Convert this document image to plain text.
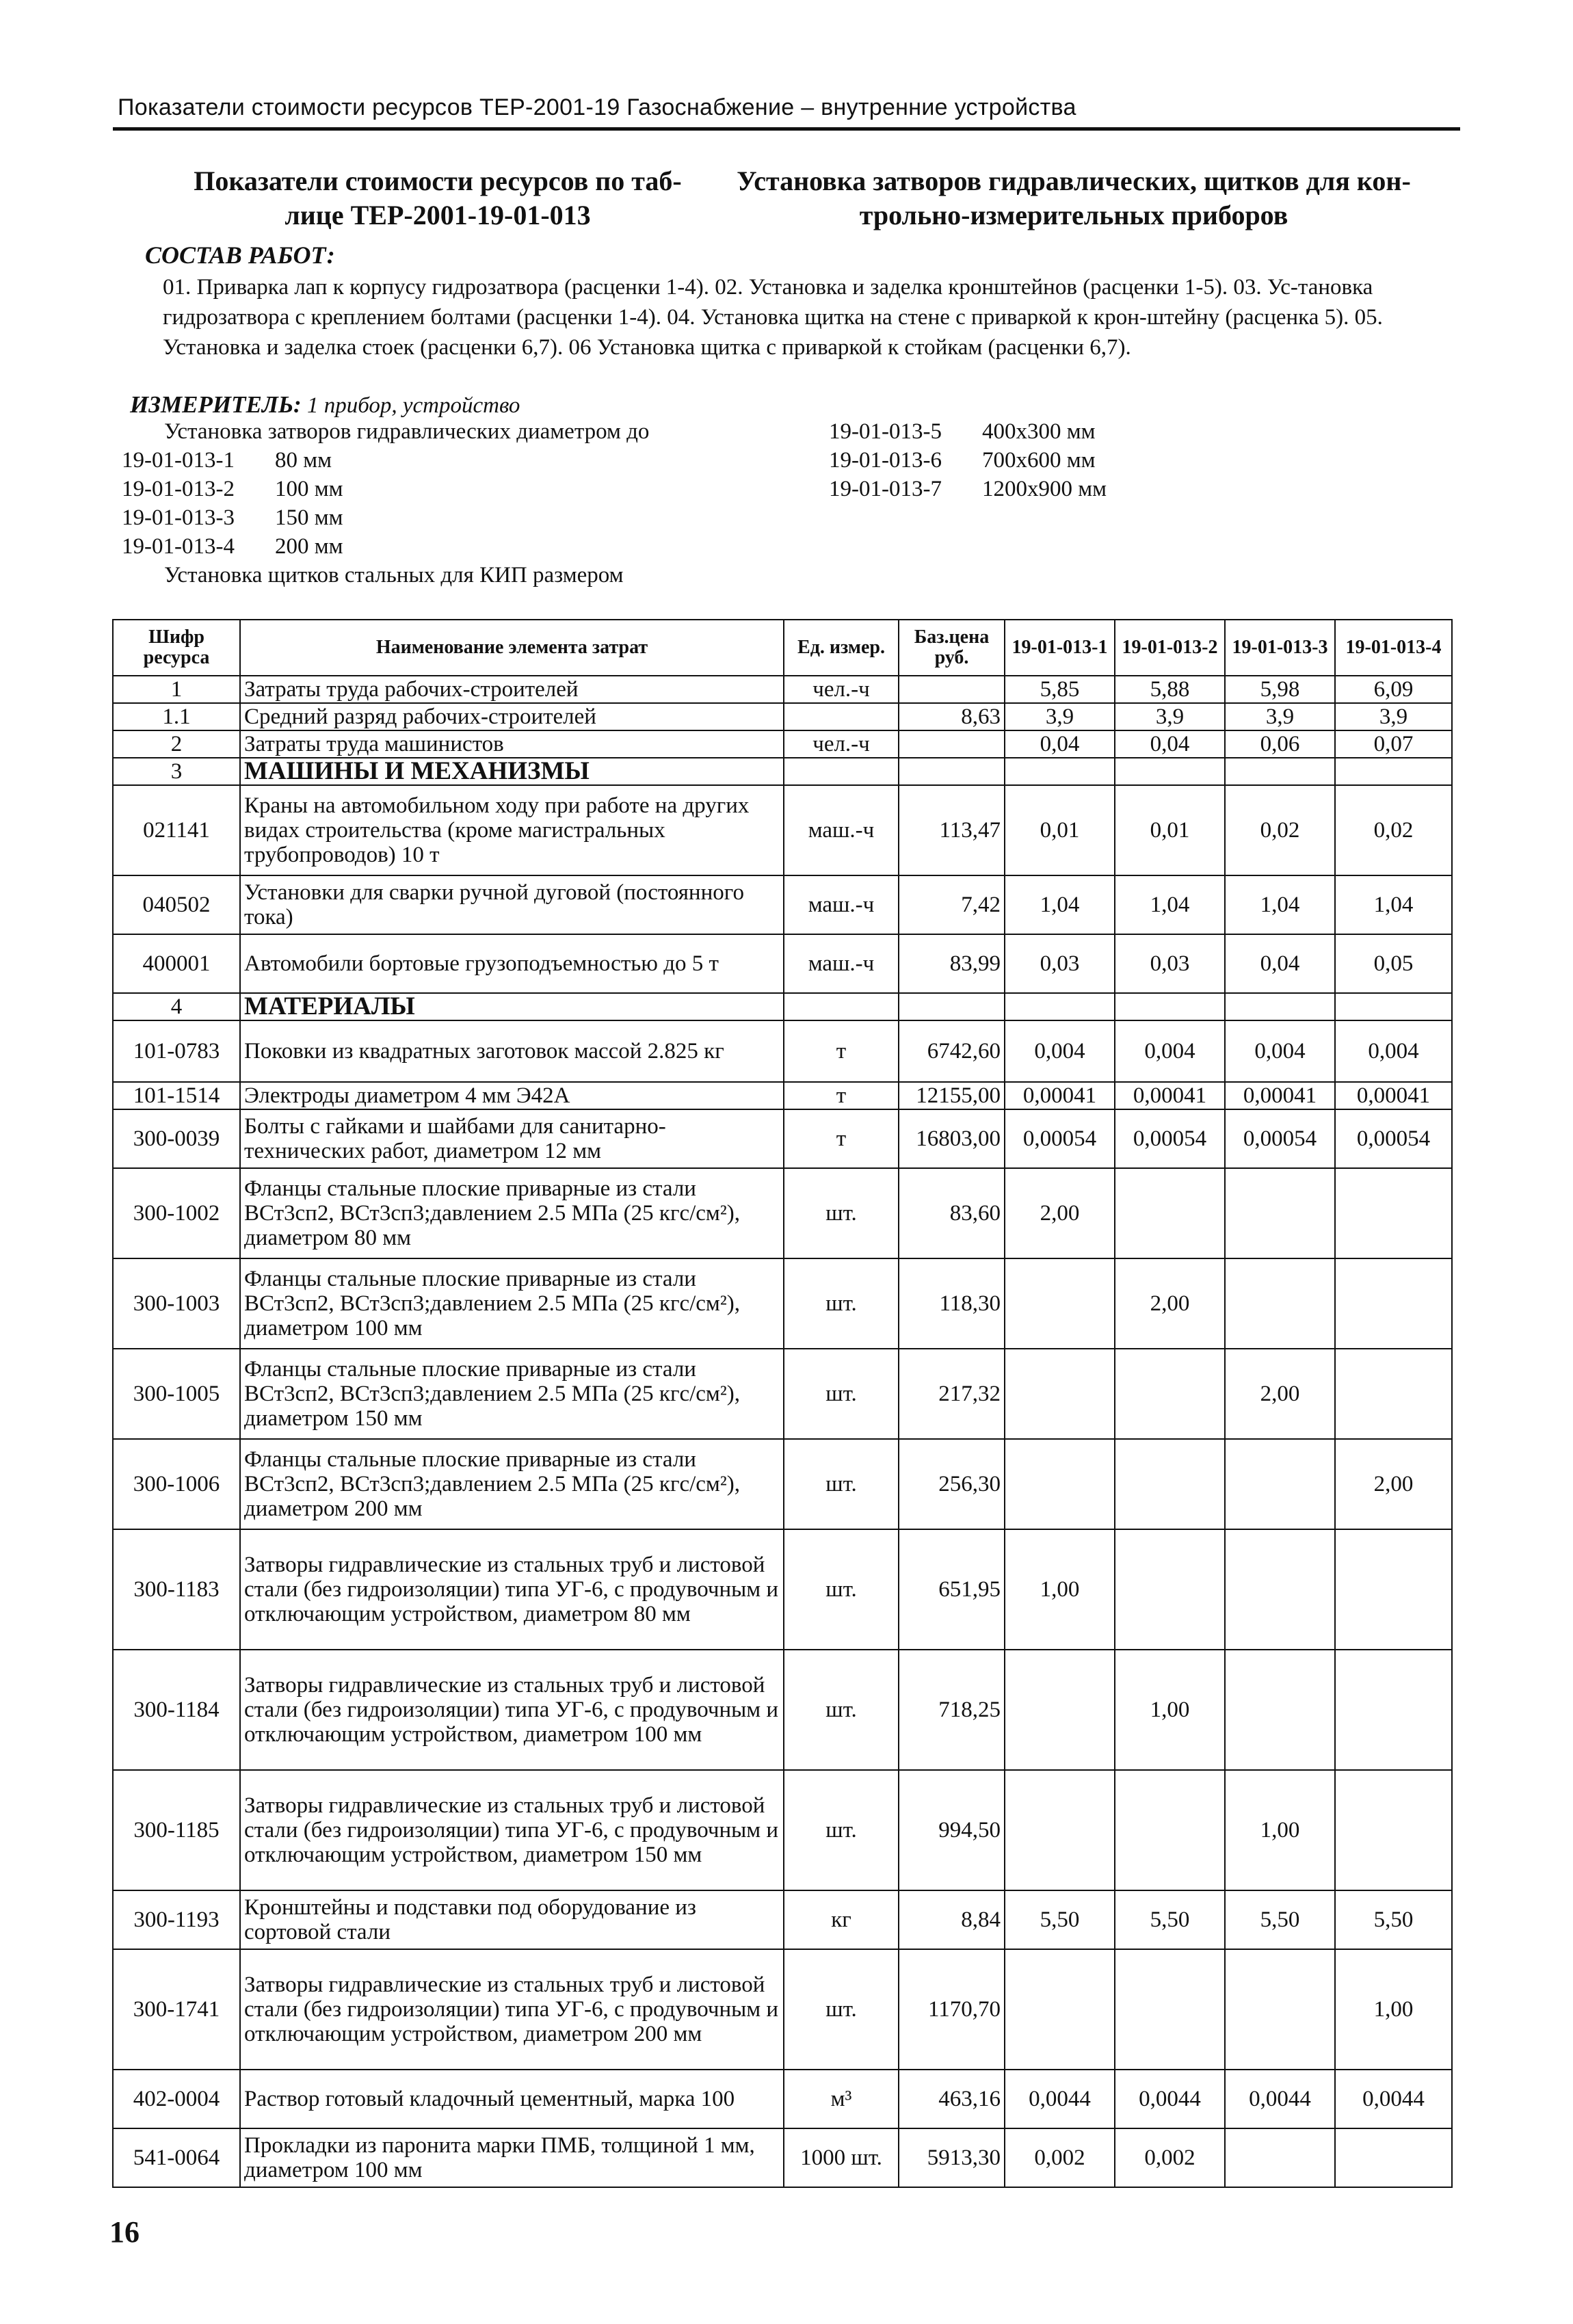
Показатели стоимости ресурсов ТЕР-2001-19 Газоснабжение – внутренние устройства
Показатели стоимости ресурсов по таб-
лице ТЕР-2001-19-01-013
Установка затворов гидравлических, щитков для кон-
трольно-измерительных приборов
СОСТАВ РАБОТ:
01. Приварка лап к корпусу гидрозатвора (расценки 1-4). 02. Установка и заделка кронштейнов (расценки 1-5). 03. Ус-тановка гидрозатвора с креплением болтами (расценки 1-4). 04. Установка щитка на стене с приваркой к крон-штейну (расценка 5). 05. Установка и заделка стоек (расценки 6,7). 06 Установка щитка с приваркой к стойкам (расценки 6,7).
ИЗМЕРИТЕЛЬ: 1 прибор, устройство
Установка затворов гидравлических диаметром до
19-01-013-1 80 мм
19-01-013-2 100 мм
19-01-013-3 150 мм
19-01-013-4 200 мм
Установка щитков стальных для КИП размером
19-01-013-5 400х300 мм
19-01-013-6 700х600 мм
19-01-013-7 1200х900 мм
Шифр ресурса	Наименование элемента затрат	Ед. измер.	Баз.цена руб.	19-01-013-1	19-01-013-2	19-01-013-3	19-01-013-4
1	Затраты труда рабочих-строителей	чел.-ч		5,85	5,88	5,98	6,09
1.1	Средний разряд рабочих-строителей		8,63	3,9	3,9	3,9	3,9
2	Затраты труда машинистов	чел.-ч		0,04	0,04	0,06	0,07
3	МАШИНЫ И МЕХАНИЗМЫ						
021141	Краны на автомобильном ходу при работе на других видах строительства (кроме магистральных трубопроводов) 10 т	маш.-ч	113,47	0,01	0,01	0,02	0,02
040502	Установки для сварки ручной дуговой (постоянного тока)	маш.-ч	7,42	1,04	1,04	1,04	1,04
400001	Автомобили бортовые грузоподъемностью до 5 т	маш.-ч	83,99	0,03	0,03	0,04	0,05
4	МАТЕРИАЛЫ						
101-0783	Поковки из квадратных заготовок массой 2.825 кг	т	6742,60	0,004	0,004	0,004	0,004
101-1514	Электроды диаметром 4 мм Э42А	т	12155,00	0,00041	0,00041	0,00041	0,00041
300-0039	Болты с гайками и шайбами для санитарно-технических работ, диаметром 12 мм	т	16803,00	0,00054	0,00054	0,00054	0,00054
300-1002	Фланцы стальные плоские приварные из стали ВСт3сп2, ВСт3сп3;давлением 2.5 МПа (25 кгс/см²), диаметром 80 мм	шт.	83,60	2,00			
300-1003	Фланцы стальные плоские приварные из стали ВСт3сп2, ВСт3сп3;давлением 2.5 МПа (25 кгс/см²), диаметром 100 мм	шт.	118,30		2,00		
300-1005	Фланцы стальные плоские приварные из стали ВСт3сп2, ВСт3сп3;давлением 2.5 МПа (25 кгс/см²), диаметром 150 мм	шт.	217,32			2,00	
300-1006	Фланцы стальные плоские приварные из стали ВСт3сп2, ВСт3сп3;давлением 2.5 МПа (25 кгс/см²), диаметром 200 мм	шт.	256,30				2,00
300-1183	Затворы гидравлические из стальных труб и листовой стали (без гидроизоляции) типа УГ-6, с продувочным и отключающим устройством, диаметром 80 мм	шт.	651,95	1,00			
300-1184	Затворы гидравлические из стальных труб и листовой стали (без гидроизоляции) типа УГ-6, с продувочным и отключающим устройством, диаметром 100 мм	шт.	718,25		1,00		
300-1185	Затворы гидравлические из стальных труб и листовой стали (без гидроизоляции) типа УГ-6, с продувочным и отключающим устройством, диаметром 150 мм	шт.	994,50			1,00	
300-1193	Кронштейны и подставки под оборудование из сортовой стали	кг	8,84	5,50	5,50	5,50	5,50
300-1741	Затворы гидравлические из стальных труб и листовой стали (без гидроизоляции) типа УГ-6, с продувочным и отключающим устройством, диаметром 200 мм	шт.	1170,70				1,00
402-0004	Раствор готовый кладочный цементный, марка 100	м³	463,16	0,0044	0,0044	0,0044	0,0044
541-0064	Прокладки из паронита марки ПМБ, толщиной 1 мм, диаметром 100 мм	1000 шт.	5913,30	0,002	0,002		
16
